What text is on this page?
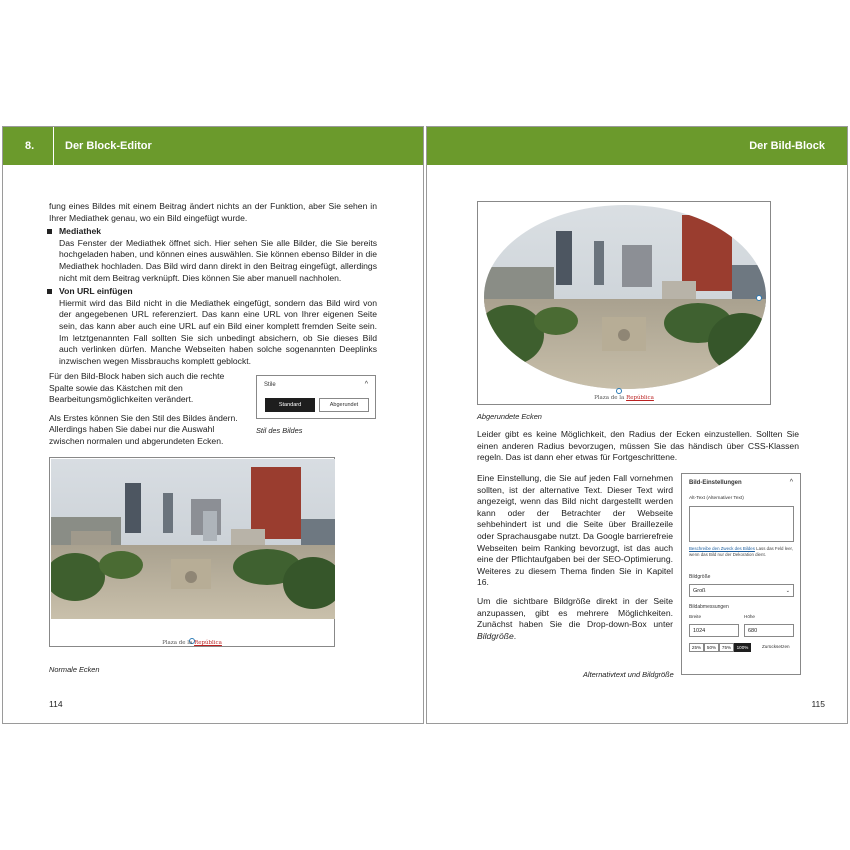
8.	Der Block-Editor

fung eines Bildes mit einem Beitrag ändert nichts an der Funktion, aber Sie sehen in Ihrer Mediathek genau, wo ein Bild eingefügt wurde.

Mediathek
Das Fenster der Mediathek öffnet sich. Hier sehen Sie alle Bilder, die Sie bereits hochgeladen haben, und können eines auswählen. Sie können ebenso Bilder in die Mediathek hochladen. Das Bild wird dann direkt in den Beitrag eingefügt, allerdings nicht mit dem Beitrag verknüpft. Dies können Sie aber manuell nachholen.
Von URL einfügen
Hiermit wird das Bild nicht in die Mediathek eingefügt, sondern das Bild wird von der angegebenen URL referenziert. Das kann eine URL von Ihrer eigenen Seite sein, das kann aber auch eine URL auf ein Bild einer komplett fremden Seite sein. Im letztgenannten Fall sollten Sie sich unbedingt absichern, ob Sie dieses Bild auch verlinken dürfen. Manche Webseiten haben solche sogenannten Deeplinks inzwischen wegen Missbrauchs komplett geblockt.

Für den Bild-Block haben sich auch die rechte Spalte sowie das Kästchen mit den Bearbeitungsmöglichkeiten verändert.

Als Erstes können Sie den Stil des Bildes ändern. Allerdings haben Sie dabei nur die Auswahl zwischen normalen und abgerundeten Ecken.

Stile	^
Standard	Abgerundet
Stil des Bildes
Plaza de la República
Normale Ecken
114
Der Bild-Block
Plaza de la República
Abgerundete Ecken
Leider gibt es keine Möglichkeit, den Radius der Ecken einzustellen. Sollten Sie einen anderen Radius bevorzugen, müssen Sie das händisch über CSS-Klassen regeln. Das ist dann eher etwas für Fortgeschrittene.

Eine Einstellung, die Sie auf jeden Fall vornehmen sollten, ist der alternative Text. Dieser Text wird angezeigt, wenn das Bild nicht dargestellt werden kann oder der Betrachter der Webseite sehbehindert ist und die Seite über Braillezeile oder Sprachausgabe nutzt. Da Google barrierefreie Webseiten beim Ranking bevorzugt, ist das auch eine der Pflichtaufgaben bei der SEO-Optimierung. Weiteres zu diesem Thema finden Sie in Kapitel 16.

Um die sichtbare Bildgröße direkt in der Seite anzupassen, gibt es mehrere Möglichkeiten. Zunächst haben Sie die Drop-down-Box unter Bildgröße.

Bild-Einstellungen	^
Alt-Text (Alternativer Text)
Beschreibe den Zweck des Bildes Lass das Feld leer, wenn das Bild nur der Dekoration dient.
Bildgröße
Groß	⌄
Bildabmessungen
Breite	Höhe
1024	680
25%	50%	75%	100%	Zurücksetzen
Alternativtext und Bildgröße
115
